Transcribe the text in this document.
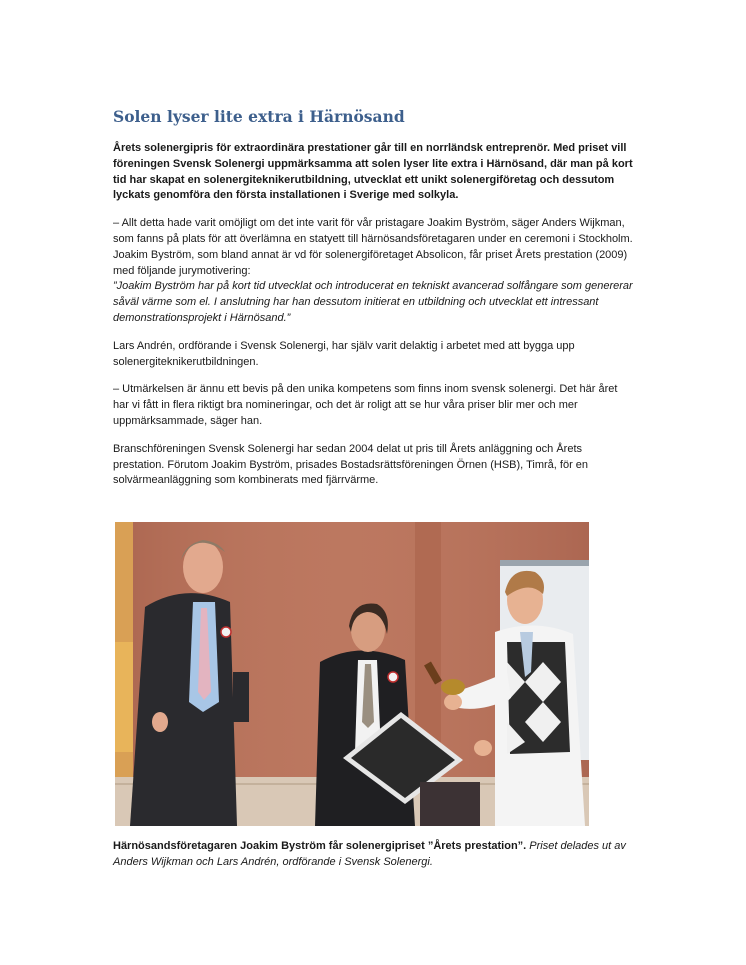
Solen lyser lite extra i Härnösand

Årets solenergipris för extraordinära prestationer går till en norrländsk entreprenör. Med priset vill föreningen Svensk Solenergi uppmärksamma att solen lyser lite extra i Härnösand, där man på kort tid har skapat en solenergiteknikerutbildning, utvecklat ett unikt solenergiföretag och dessutom lyckats genomföra den första installationen i Sverige med solkyla.

– Allt detta hade varit omöjligt om det inte varit för vår pristagare Joakim Byström, säger Anders Wijkman, som fanns på plats för att överlämna en statyett till härnösandsföretagaren under en ceremoni i Stockholm.

Joakim Byström, som bland annat är vd för solenergiföretaget Absolicon, får priset Årets prestation (2009) med följande jurymotivering:

”Joakim Byström har på kort tid utvecklat och introducerat en tekniskt avancerad solfångare som genererar såväl värme som el. I anslutning har han dessutom initierat en utbildning och utvecklat ett intressant demonstrationsprojekt i Härnösand.”

Lars Andrén, ordförande i Svensk Solenergi, har själv varit delaktig i arbetet med att bygga upp solenergiteknikerutbildningen.

– Utmärkelsen är ännu ett bevis på den unika kompetens som finns inom svensk solenergi. Det här året har vi fått in flera riktigt bra nomineringar, och det är roligt att se hur våra priser blir mer och mer uppmärksammade, säger han.

Branschföreningen Svensk Solenergi har sedan 2004 delat ut pris till Årets anläggning och Årets prestation. Förutom Joakim Byström, prisades Bostadsrättsföreningen Örnen (HSB), Timrå, för en solvärmeanläggning som kombinerats med fjärrvärme.

Härnösandsföretagaren Joakim Byström får solenergipriset ”Årets prestation”. Priset delades ut av Anders Wijkman och Lars Andrén, ordförande i Svensk Solenergi.
